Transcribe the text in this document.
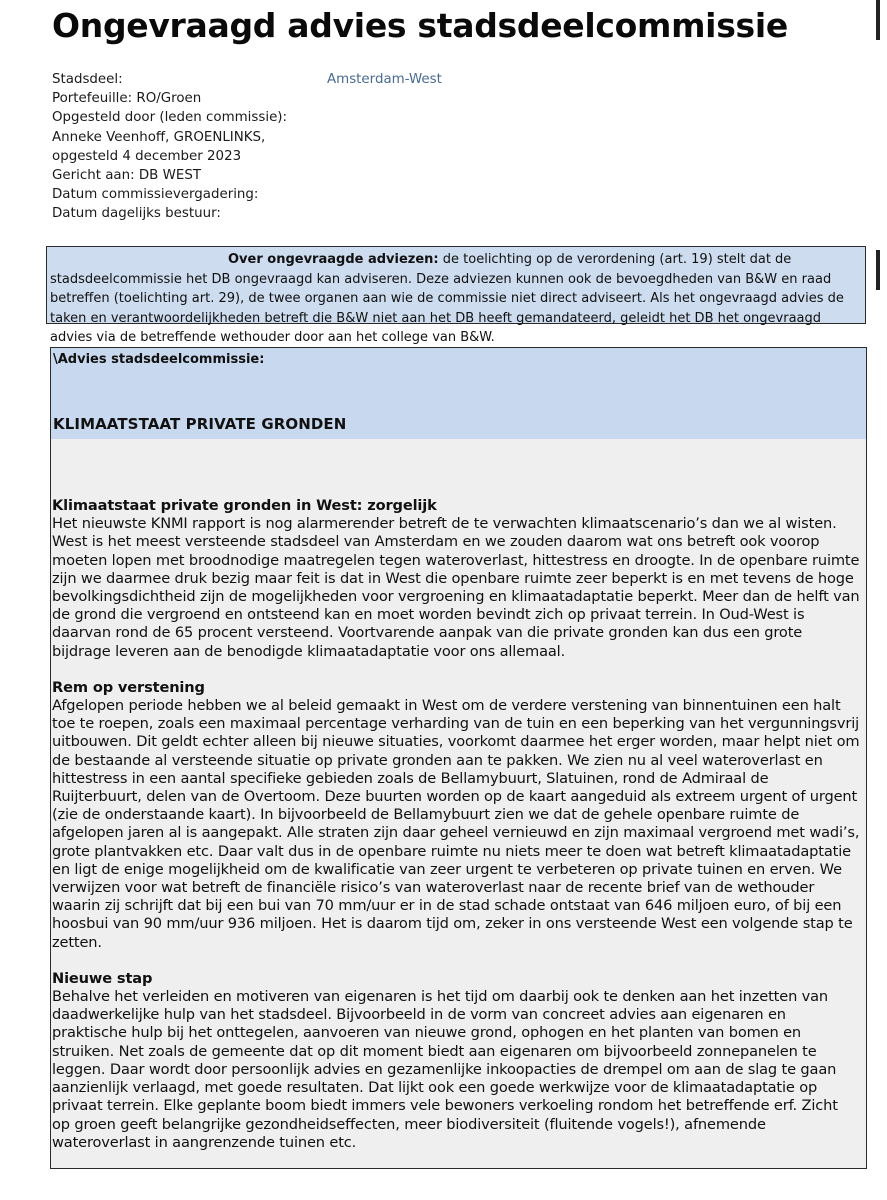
Ongevraagd advies stadsdeelcommissie
Stadsdeel:
Portefeuille: RO/Groen
Opgesteld door (leden commissie): Anneke Veenhoff, GROENLINKS, opgesteld 4 december 2023
Gericht aan: DB WEST
Datum commissievergadering:
Datum dagelijks bestuur:
Amsterdam-West
Over ongevraagde adviezen: de toelichting op de verordening (art. 19) stelt dat de stadsdeelcommissie het DB ongevraagd kan adviseren. Deze adviezen kunnen ook de bevoegdheden van B&W en raad betreffen (toelichting art. 29), de twee organen aan wie de commissie niet direct adviseert. Als het ongevraagd advies de taken en verantwoordelijkheden betreft die B&W niet aan het DB heeft gemandateerd, geleidt het DB het ongevraagd advies via de betreffende wethouder door aan het college van B&W.
\Advies stadsdeelcommissie:
KLIMAATSTAAT PRIVATE GRONDEN
Klimaatstaat private gronden in West: zorgelijk

Het nieuwste KNMI rapport is nog alarmerender betreft de te verwachten klimaatscenario’s dan we al wisten. West is het meest versteende stadsdeel van Amsterdam en we zouden daarom wat ons betreft ook voorop moeten lopen met broodnodige maatregelen tegen wateroverlast, hittestress en droogte. In de openbare ruimte zijn we daarmee druk bezig maar feit is dat in West die openbare ruimte zeer beperkt is en met tevens de hoge bevolkingsdichtheid zijn de mogelijkheden voor vergroening en klimaatadaptatie beperkt. Meer dan de helft van de grond die vergroend en ontsteend kan en moet worden bevindt zich op privaat terrein. In Oud-West is daarvan rond de 65 procent versteend. Voortvarende aanpak van die private gronden kan dus een grote bijdrage leveren aan de benodigde klimaatadaptatie voor ons allemaal.

Rem op verstening

Afgelopen periode hebben we al beleid gemaakt in West om de verdere verstening van binnentuinen een halt toe te roepen, zoals een maximaal percentage verharding van de tuin en een beperking van het vergunningsvrij uitbouwen. Dit geldt echter alleen bij nieuwe situaties, voorkomt daarmee het erger worden, maar helpt niet om de bestaande al versteende situatie op private gronden aan te pakken. We zien nu al veel wateroverlast en hittestress in een aantal specifieke gebieden zoals de Bellamybuurt, Slatuinen, rond de Admiraal de Ruijterbuurt, delen van de Overtoom. Deze buurten worden op de kaart aangeduid als extreem urgent of urgent (zie de onderstaande kaart). In bijvoorbeeld de Bellamybuurt zien we dat de gehele openbare ruimte de afgelopen jaren al is aangepakt. Alle straten zijn daar geheel vernieuwd en zijn maximaal vergroend met wadi’s, grote plantvakken etc. Daar valt dus in de openbare ruimte nu niets meer te doen wat betreft klimaatadaptatie en ligt de enige mogelijkheid om de kwalificatie van zeer urgent te verbeteren op private tuinen en erven. We verwijzen voor wat betreft de financiële risico’s van wateroverlast naar de recente brief van de wethouder waarin zij schrijft dat bij een bui van 70 mm/uur er in de stad schade ontstaat van 646 miljoen euro, of bij een hoosbui van 90 mm/uur 936 miljoen. Het is daarom tijd om, zeker in ons versteende West een volgende stap te zetten.

Nieuwe stap

Behalve het verleiden en motiveren van eigenaren is het tijd om daarbij ook te denken aan het inzetten van daadwerkelijke hulp van het stadsdeel. Bijvoorbeeld in de vorm van concreet advies aan eigenaren en praktische hulp bij het onttegelen, aanvoeren van nieuwe grond, ophogen en het planten van bomen en struiken. Net zoals de gemeente dat op dit moment biedt aan eigenaren om bijvoorbeeld zonnepanelen te leggen. Daar wordt door persoonlijk advies en gezamenlijke inkoopacties de drempel om aan de slag te gaan aanzienlijk verlaagd, met goede resultaten. Dat lijkt ook een goede werkwijze voor de klimaatadaptatie op privaat terrein. Elke geplante boom biedt immers vele bewoners verkoeling rondom het betreffende erf. Zicht op groen geeft belangrijke gezondheidseffecten, meer biodiversiteit (fluitende vogels!), afnemende wateroverlast in aangrenzende tuinen etc.
